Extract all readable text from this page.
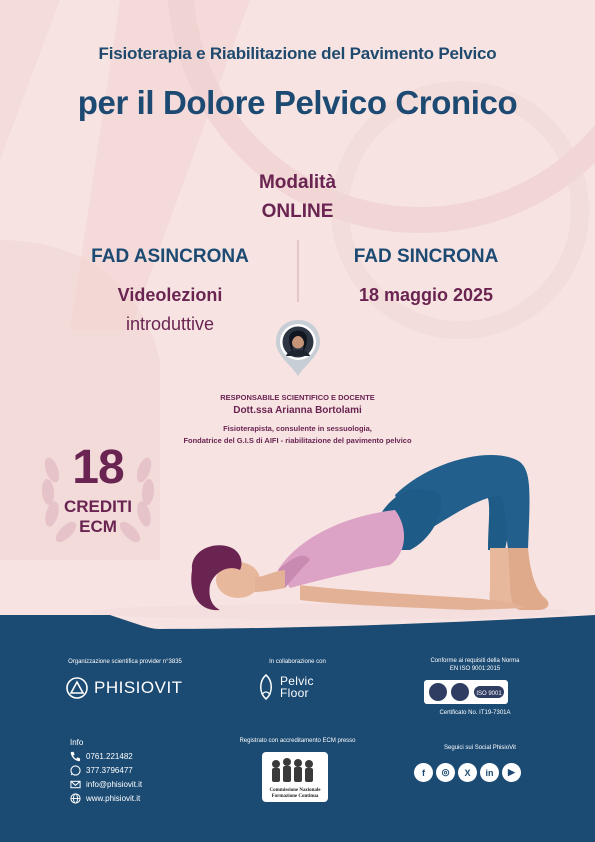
Fisioterapia e Riabilitazione del Pavimento Pelvico
per il Dolore Pelvico Cronico
Modalità
ONLINE
FAD ASINCRONA
Videolezioni
introduttive
FAD SINCRONA
18 maggio 2025
RESPONSABILE SCIENTIFICO E DOCENTE
Dott.ssa Arianna Bortolami
Fisioterapista, consulente in sessuologia,
Fondatrice del G.I.S di AIFI - riabilitazione del pavimento pelvico
18
CREDITI
ECM
Organizzazione scientifica provider n°3835
PHISIOVIT
In collaborazione con
Pelvic
Floor
Conforme ai requisiti della Norma
EN ISO 9001:2015
ISO 9001
Certificato No. IT19-7301A
Info
0761.221482
377.3796477
info@phisiovit.it
www.phisiovit.it
Registrato con accreditamento ECM presso
Commissione Nazionale
Formazione Continua
Seguici sui Social PhisioVit
f	◎	X	in	▶
